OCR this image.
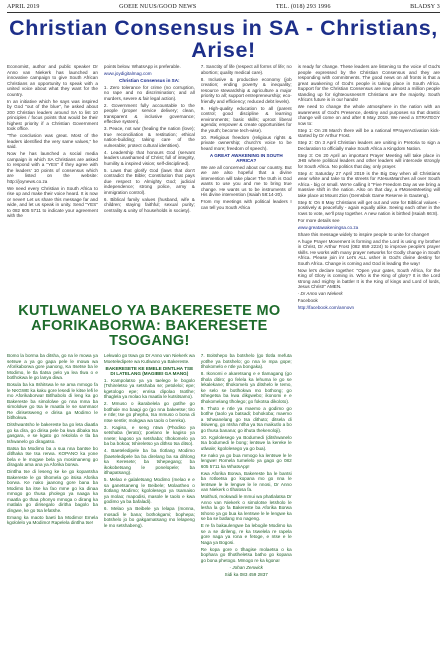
APRIL 2019	GOEIE NUUS/GOOD NEWS	TEL. (018) 293 1996	BLADSY 3
Christian Consensus in SA - Christians, Arise!

Economist, author and public speaker Dr Anno van Niekerk has launched an innovative campaign to give South African Christians an opportunity to speak with a united voice about what they want for the country.

In an initiative which he says was inspired by God "out of the blue", he asked about 200 Christian leaders around SA to list 10 principles / focus points that would be their highest priority if a Christian Government took office.

"The conclusion was great. Most of the leaders identified the very same values," he said.

Now he has launched a social media campaign in which SA Christians are asked to respond with a "YES" if they agree with the leaders' 10 points of consensus which are listed on the website: http://joynews.co.za

We need every Christian in South Africa to rise up and make their voice heard. It is now or never! Let us share this message far and wide, and let us speak in unity. Send "YES" to 082 605 5711 to indicate your agreement with the

points below. WhatsApp is preferable.

www.joydigitalmag.com

Christian Consensus in SA:

1. Zero tolerance for crime (no corruption, no rape and no discrimination; and all murders, severe & fair legal action).

2. Government fully accountable to the people (proper service delivery; clean, transparent & inclusive governance; effective system).

3. Peace, not war (healing the nation (love); true reconciliation & restitution; ethical nation-building; taking care of the vulnerable; protect cultural identities).

4. Leadership that honours God (servant leaders unashamed of Christ; full of integrity, humility & inspired vision; self-disciplined).

5. Laws that glorify God (laws that don't contradict the Bible; Constitution that pays due respect to Almighty God; judicial independence; strong police, army & immigration control).

6. Biblical family values (husband, wife & children; staying faithful; sexual purity; centrality & unity of households in society).

7. Sanctity of life (respect all forms of life; no abortion; quality medical care).

8. Inclusive & productive economy (job creation; ending poverty & inequality; resource stewardship & agriculture a major priority to all; support entrepreneurship; eco-friendly and efficiency; reduced debt levels).

9. High-quality education to all (parent control; good discipline & learning environments; basic skills; uproot liberal agenda; empower & create opportunities for the youth; become tech-wise).

10. Religious freedom (religious rights & private ownership; church's voice to be heard more; freedom of speech).

A GREAT AWAKENING IN SOUTH AFRICA?

We are all concerned about our country. But we are also hopeful that a divine intervention will take place! The truth is God wants to use you and me to bring true change. He wants us to be instruments of His divine intervention (Isaiah 58:14-20).

From my meetings with political leaders I can tell you South Africa

KUTLWANELO YA BAKERESETE MO AFORIKABORWA: BAKERESETE TSOGANG!

Bomo la borma ba ditsha, go na le mowa ya setswe a ya go gapa pele le mowa wa Aforikaborwa gore jaanong, Ka Itsetse ba le Modimo, le tla tlatsa pelo ya lea tlwa o e botlhokwa le go lanya diwa.

Bosula ba ka Itshitswa le se ama mmogo fa le NKGWE ka kaku gore lesedi le kitse lefi le mo Aforikaborwa! Bitlhabolo di leng ka go Bakereste ba simololwe go nna mma ba simololwe go tsa le maatla le se sammao! Re dirisetsweng e dirisa ga Modimo le bitlhokwa.

Ditshwantsho le bakereste ba go leta diaatla go ka dira, go dirisa pele ba kwa dibaka tsa gasgara, e se kgato go rekolola e tla ba tshwanelo go diragatso.

Batsa ba Modimo ba a sua nna bantse bo ditlhaka tse tsa rerwa. KOPANO ka yone bela e le mogwe bela ya mosimaneng go diragalo ama ana ya Aforika borwa.

Dintlha tse di leseng ke ke go kopantsha Bakereste le go tihomela go itsisa Aforika borwa. Ke nako jaanong gore bana ba Modimo ba itse ka fao mme go ka dinaa mmogo go thusa pholego ya naaga ka maatla go thaa phonyo mmoga o dirang ka matlala go dirisegalo diritha bagolo ba dingwe, ke go tsa lefatshe.

Emang ka maoto baeti ba Modimo! Emela kgololelo ya Modimo! Rapelela dintlha tse!

Lekwalo go tswa go Dr Anno van Niekerk wa MoeteledipeIe wa Kutlwano ya Bakereste.

BAKERESETE KE EMELE DINTLHA TSE DI LATELANG (MAGIBEI GA MANG)

1. Kampolatso ya ya taelego le bogolo (Tshireletso ya setshaba se; petoleloi; epe; kgetologo epe; enrisa dipolao tsotlhe; tlhaglela ya molao ka maatla le kutsitsamo).

2. Mmuso o ikarabelela go gotlhe go botlhale mo baagi go (go nna bakeetse; tiro e ntle; tse go phepha, tsa mmuso o bona di ntse sentle; mokgwa wa taolo o bereka).

3. Kagiso, e seng ntwa (Phodiso ya setshaba (lerato); poelano le kagiso ya nnete; kagoso ya setshaba; tlhokomelo ya ba ba bokoa; tshireletso ya dithso tsa ditso).

4. Baeteledipele ba ba tlotlang Modimo (baeteledipele ba ba direlang ba sa dihlong ka Keresete; ba tshepegang; ba ikokobetsang le ponelopele; ba itlhapatsang).

5. Melao e galaletsang Modimo (melao e e sa ganetsaneng le Beibele; Molaotheo o tlotlang Modimo; kgololesego ya tsamaiso ya molao; mapodisi, masole le taolo e kwa godimo ya ba bafaladi).

6. Melao ya Beibele ya lelapa (monna, mosadi le bana; bothokgami; bophepa; botshelo jo bo gakgamatsang mo lelapeng le mo setshabeng).

7. Boitshepo ba botshelo (go tlotla mefuta yotlhe ya botshelo; go nna le mpa gope; tlhokomelo e ntle ya bongaka).

8. Ikonomi e akaretsang e e tlamagang (go tlhola ditiro; go felela ka lehuma le go se lekalekane; tlhokomelo ya ditshelo le temo, ke selo se botlhokwa mo bothong; go tshegetsa ba kwa dikgwebo; ikonomi e e tlhokomelang tlholego; go fokotsa dikoloto).

9. Thuto e ntle ya maemo a godimo go botlhe (taolo ya batsadi; bohokoba; maemo a tshwanelang go tsa dithuto; ditsela di itsiweng, go ntsha ntlha ya tsa maikutlo a bo go thusa banana; go ithuta thekenoloji).

10. Kgololesego ya Bodumedi (ditshwanelo tsa bodumedi le bong; lentswe la kereke le utlwale; kgololesego ya go bua).

Ke nako ya go bua mmogo ka lentswe le le lengwe! Romela tumelelo ya gago go 082 605 5711 ka WhatsApp!

Kwa Aforika Borwa, Bakereste ba le bantsi ba rotloetsa go kopana mo go nna le lentswe le le lengwe le le nnosi, Dr Anno van Niekerk o tlhalosa fa.

Moithuti, mokwadi le mmui wa phatlalatsa Dr Anno van Niekerk o simolotse letsholo le lesha la go fa Bakereste ba Aforika Borwa tshono ya go bua ka lentswe le le lengwe ka se ba se batlang mo nageng.

E re fa bakaulengwe ba lebogile Modimo ka se a se dirileng, re ka tswelela re rapela gore naga ya rona e fetoge, e ntse e le Naga ya Bogosi.

Re kopa gore o tlhagise molaetsa o ka bophara go tlhotlheletsa batho go kopana go bona phetogo. Mmogo re ka kgona!

- Johan Zenwick

Sidi ka 083 459 2837

is ready for change. These leaders are listening to the voice of God's people expressed by the Christian Consensus and they are responding with commitments. The good news on all fronts is that a great awakening of God's people is taking place in South Africa. Support for the Christian Consensus are now almost a million people standing up for righteousness!!! Christians are the majority. South Africa's future is in our hands!

We need to change the whole atmosphere in the nation with an awareness of God's Presence, destiny and purposes so that drastic change will come on and after 8 May 2019. We need a STRATEGY now to:

Step 1: On 28 March there will be a national #PrayerActivation kick-started by Dr Arthur Frost.

Step 2: On 3 April Christian leaders are uniting in Pretoria to sign a Declaration to officially make South Africa a Kingdom Nation.

Step 3: On 20 April an important Prayer Meeting will take place in JHB where political leaders and other leaders will intercede strongly for South Africa. No politics that day, only prayer.

Step 4: Saturday 27 April 2019 is the Big Day when all Christians wear white and take to the streets for #JesusMarches all over South Africa - big or small. We're calling it "Five Freedom Day as we bring a massive shift in the nation. Also on that day, a #MosesMeeting will take place at Mount Zion (Gemsbok Game Reserve in Gauteng).

Step 5: On 8 May Christians will get out and vote for Biblical values - positively & peacefully - again equally alike. Seeing each other in the rows to vote, we'll pray together. A new nation is birthed (Isaiah 66:8).

For more details see

www.greatawakeningsa.co.za

Share this message widely to inspire people to unite for change!!

A huge Prayer Movement is forming and the Lord is using my brother in Christ, Dr Arthur Frost (082 659 2224) to improve people's prayer skills. He works with many prayer networks for Godly change in South Africa. Please join in! Let's ALL usher in God's divine destiny for South Africa. Change is coming and God is leading the way!

Now let's declare together: "Open your gates, South Africa, for the King of Glory is coming in. Who is the King of glory? It is the Lord strong and mighty in battle! It is the King of kings and Lord of lords, Jesus Christ!" AMEN.

- Dr Anno van Niekerk

Facebook

http://facebook.com/annovn
